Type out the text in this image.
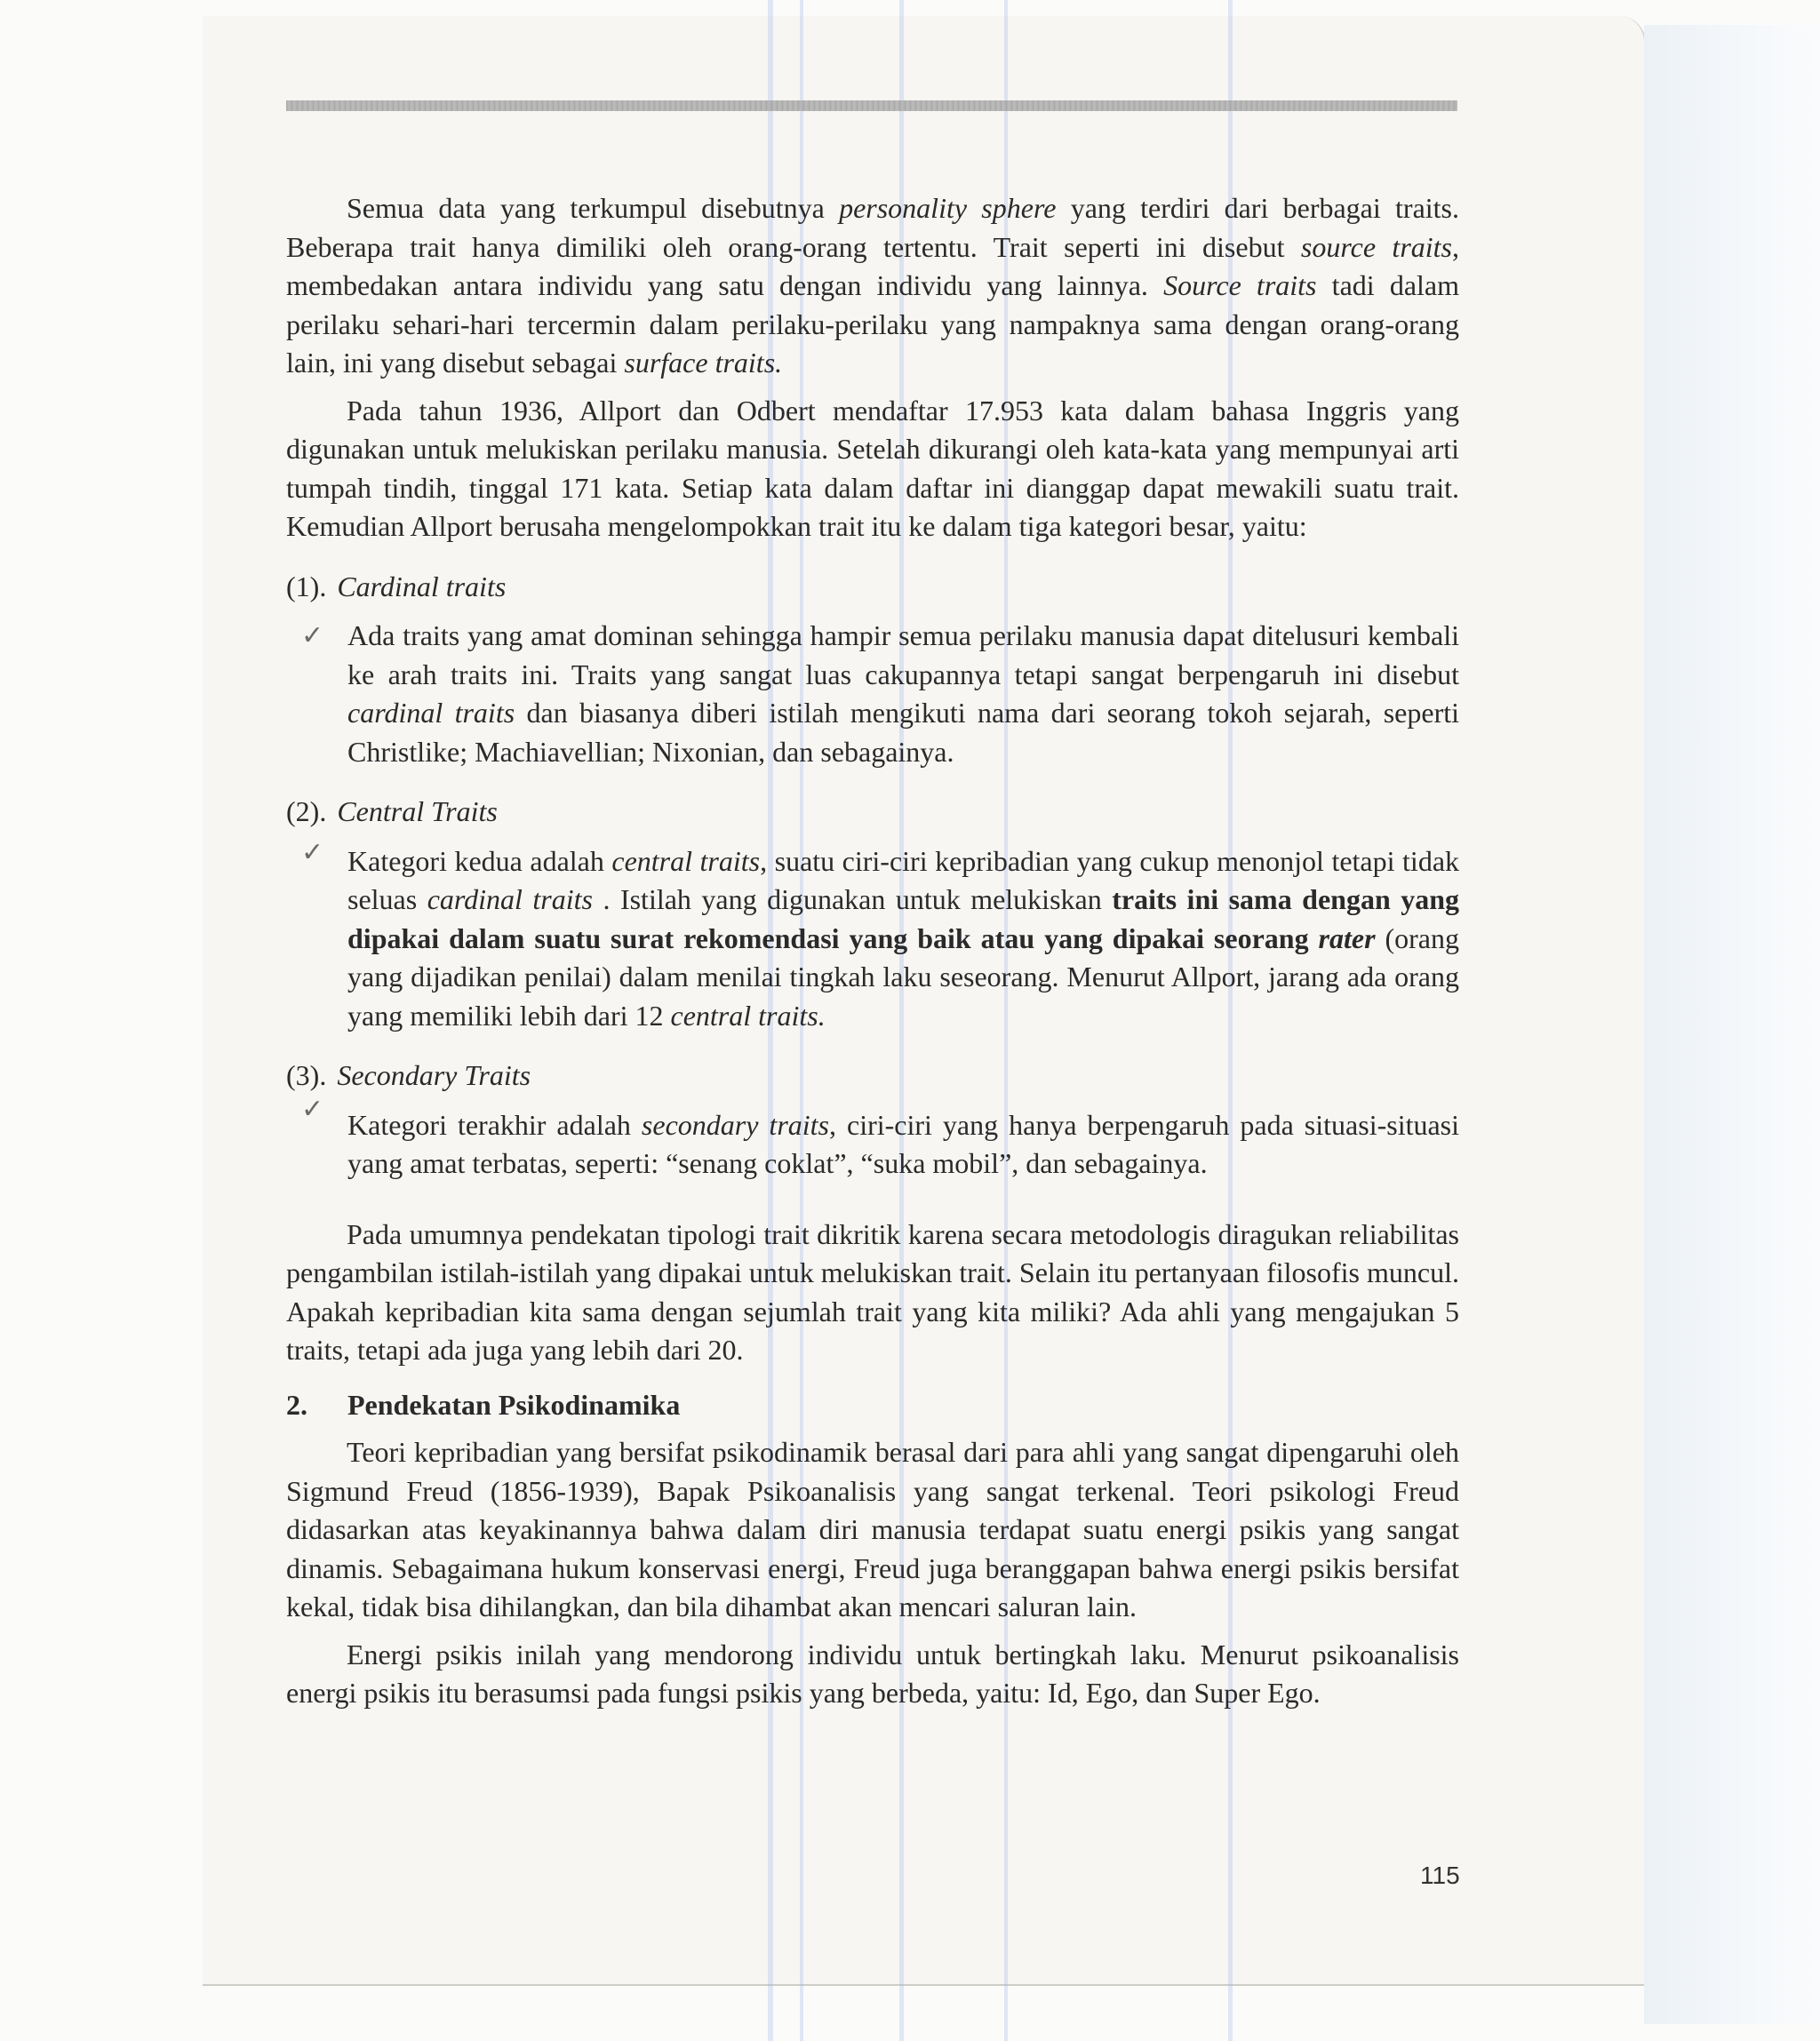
Semua data yang terkumpul disebutnya personality sphere yang terdiri dari berbagai traits. Beberapa trait hanya dimiliki oleh orang-orang tertentu. Trait seperti ini disebut source traits, membedakan antara individu yang satu dengan individu yang lainnya. Source traits tadi dalam perilaku sehari-hari tercermin dalam perilaku-perilaku yang nampaknya sama dengan orang-orang lain, ini yang disebut sebagai surface traits.

Pada tahun 1936, Allport dan Odbert mendaftar 17.953 kata dalam bahasa Inggris yang digunakan untuk melukiskan perilaku manusia. Setelah dikurangi oleh kata-kata yang mempunyai arti tumpah tindih, tinggal 171 kata. Setiap kata dalam daftar ini dianggap dapat mewakili suatu trait. Kemudian Allport berusaha mengelompokkan trait itu ke dalam tiga kategori besar, yaitu:

(1). Cardinal traits
✓ Ada traits yang amat dominan sehingga hampir semua perilaku manusia dapat ditelusuri kembali ke arah traits ini. Traits yang sangat luas cakupannya tetapi sangat berpengaruh ini disebut cardinal traits dan biasanya diberi istilah mengikuti nama dari seorang tokoh sejarah, seperti Christlike; Machiavellian; Nixonian, dan sebagainya.
(2). Central Traits
✓ Kategori kedua adalah central traits, suatu ciri-ciri kepribadian yang cukup menonjol tetapi tidak seluas cardinal traits . Istilah yang digunakan untuk melukiskan traits ini sama dengan yang dipakai dalam suatu surat rekomendasi yang baik atau yang dipakai seorang rater (orang yang dijadikan penilai) dalam menilai tingkah laku seseorang. Menurut Allport, jarang ada orang yang memiliki lebih dari 12 central traits.
(3). Secondary Traits
✓ Kategori terakhir adalah secondary traits, ciri-ciri yang hanya berpengaruh pada situasi-situasi yang amat terbatas, seperti: “senang coklat”, “suka mobil”, dan sebagainya.

Pada umumnya pendekatan tipologi trait dikritik karena secara metodologis diragukan reliabilitas pengambilan istilah-istilah yang dipakai untuk melukiskan trait. Selain itu pertanyaan filosofis muncul. Apakah kepribadian kita sama dengan sejumlah trait yang kita miliki? Ada ahli yang mengajukan 5 traits, tetapi ada juga yang lebih dari 20.

2. Pendekatan Psikodinamika

Teori kepribadian yang bersifat psikodinamik berasal dari para ahli yang sangat dipengaruhi oleh Sigmund Freud (1856-1939), Bapak Psikoanalisis yang sangat terkenal. Teori psikologi Freud didasarkan atas keyakinannya bahwa dalam diri manusia terdapat suatu energi psikis yang sangat dinamis. Sebagaimana hukum konservasi energi, Freud juga beranggapan bahwa energi psikis bersifat kekal, tidak bisa dihilangkan, dan bila dihambat akan mencari saluran lain.

Energi psikis inilah yang mendorong individu untuk bertingkah laku. Menurut psikoanalisis energi psikis itu berasumsi pada fungsi psikis yang berbeda, yaitu: Id, Ego, dan Super Ego.

115
